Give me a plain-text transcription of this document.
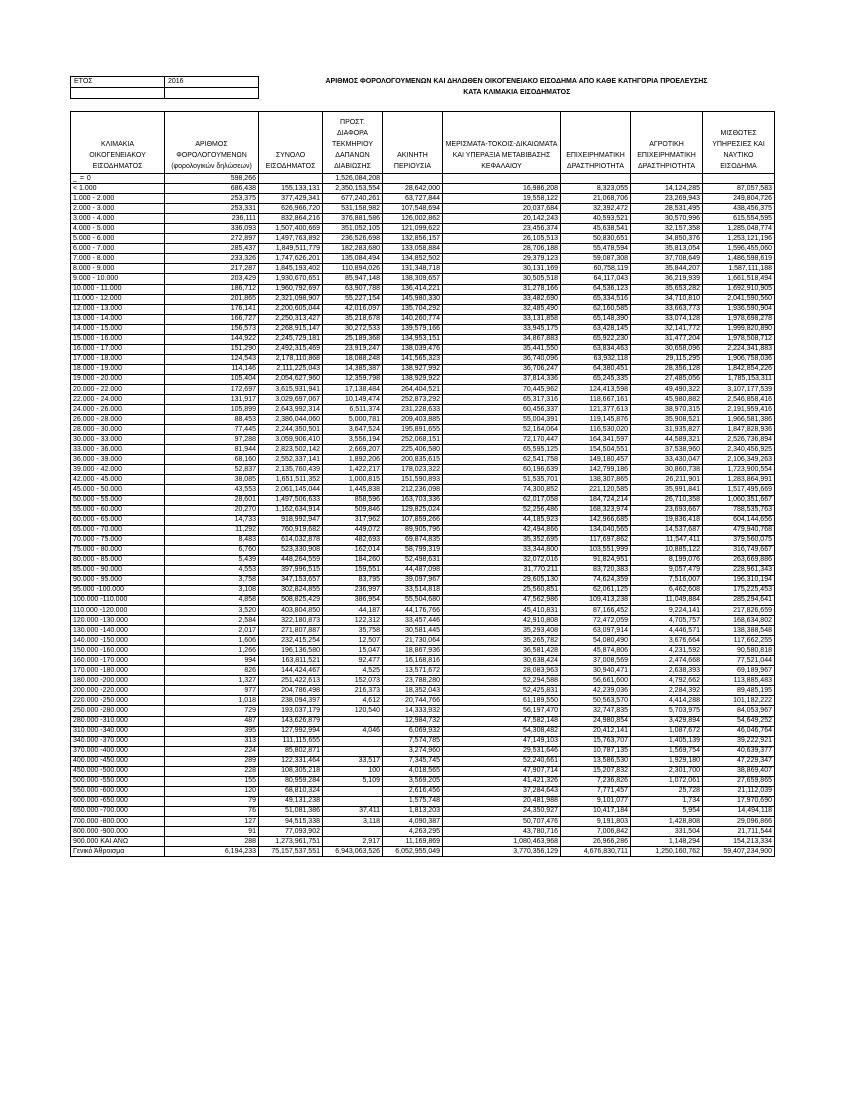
ΕΤΟΣ	2016	ΑΡΙΘΜΟΣ ΦΟΡΟΛΟΓΟΥΜΕΝΩΝ ΚΑΙ ΔΗΛΩΘΕΝ ΟΙΚΟΓΕΝΕΙΑΚΟ ΕΙΣΟΔΗΜΑ ΑΠΟ ΚΑΘΕ ΚΑΤΗΓΟΡΙΑ ΠΡΟΕΛΕΥΣΗΣ
		ΚΑΤΑ ΚΛΙΜΑΚΙΑ ΕΙΣΟΔΗΜΑΤΟΣ
ΚΛΙΜΑΚΙΑ ΟΙΚΟΓΕΝΕΙΑΚΟΥ ΕΙΣΟΔΗΜΑΤΟΣ	ΑΡΙΘΜΟΣ ΦΟΡΟΛΟΓΟΥΜΕΝΩΝ (φορολογικών δηλώσεων)	ΣΥΝΟΛΟ ΕΙΣΟΔΗΜΑΤΟΣ	ΠΡΟΣΤ. ΔΙΑΦΟΡΑ ΤΕΚΜΗΡΙΟΥ ΔΑΠΑΝΩΝ ΔΙΑΒΙΩΣΗΣ	ΑΚΙΝΗΤΗ ΠΕΡΙΟΥΣΙΑ	ΜΕΡΙΣΜΑΤΑ-ΤΟΚΟΙΣ-ΔΙΚΑΙΩΜΑΤΑ ΚΑΙ ΥΠΕΡΑΞΙΑ ΜΕΤΑΒΙΒΑΣΗΣ ΚΕΦΑΛΑΙΟΥ	ΕΠΙΧΕΙΡΗΜΑΤΙΚΗ ΔΡΑΣΤΗΡΙΟΤΗΤΑ	ΑΓΡΟΤΙΚΗ ΕΠΙΧΕΙΡΗΜΑΤΙΚΗ ΔΡΑΣΤΗΡΙΟΤΗΤΑ	ΜΙΣΘΩΤΕΣ ΥΠΗΡΕΣΙΕΣ ΚΑΙ ΝΑΥΤΙΚΟ ΕΙΣΟΔΗΜΑ
_ = 0	598,266		1,526,084,208					
< 1.000	686,438	155,133,131	2,350,153,554	28,642,000	16,986,208	8,323,055	14,124,285	87,057,583
1.000 - 2.000	253,375	377,429,341	677,240,261	63,727,844	19,558,122	21,068,706	23,269,943	249,804,726
2.000 - 3.000	253,331	626,966,720	531,158,982	107,548,694	20,037,684	32,392,472	28,531,495	438,456,375
3.000 - 4.000	236,111	832,864,216	376,881,586	126,002,862	20,142,243	40,593,521	30,570,996	615,554,595
4.000 - 5.000	336,093	1,507,400,669	351,052,105	121,099,622	23,456,374	45,638,541	32,157,358	1,285,048,774
5.000 - 6.000	272,897	1,497,763,892	236,526,698	132,856,157	26,105,513	50,830,651	34,850,376	1,253,121,196
6.000 - 7.000	285,437	1,849,511,779	182,283,680	133,058,884	28,706,188	55,478,594	35,813,054	1,596,455,060
7.000 - 8.000	233,326	1,747,626,201	135,084,494	134,852,502	29,379,123	59,087,308	37,708,649	1,486,598,619
8.000 - 9.000	217,287	1,845,193,402	110,894,026	131,348,718	30,131,169	60,758,119	35,844,207	1,587,111,188
9.000 - 10.000	203,429	1,930,670,651	85,947,148	138,309,657	30,505,518	64,117,043	36,219,939	1,661,518,494
10.000 - 11.000	186,712	1,960,792,697	63,907,788	136,414,221	31,278,166	64,536,123	35,653,282	1,692,910,905
11.000 - 12.000	201,865	2,321,098,907	55,227,154	145,980,330	33,482,690	65,334,516	34,710,810	2,041,590,560
12.000 - 13.000	176,141	2,200,605,044	42,016,097	135,704,292	32,485,490	62,160,585	33,663,773	1,936,590,904
13.000 - 14.000	166,727	2,250,313,427	35,218,678	140,260,774	33,131,858	65,148,390	33,074,128	1,978,698,278
14.000 - 15.000	156,573	2,268,915,147	30,272,533	139,579,166	33,945,175	63,428,145	32,141,772	1,999,820,890
15.000 - 16.000	144,922	2,245,729,181	25,189,368	134,953,151	34,867,883	65,922,230	31,477,204	1,978,508,712
16.000 - 17.000	151,290	2,492,315,469	23,919,247	138,039,476	35,441,550	63,834,463	30,658,096	2,224,341,883
17.000 - 18.000	124,543	2,178,110,868	18,088,248	141,565,323	36,740,096	63,932,118	29,115,295	1,906,758,036
18.000 - 19.000	114,146	2,111,225,043	14,385,387	138,927,992	36,706,247	64,380,451	28,356,128	1,842,854,226
19.000 - 20.000	105,404	2,054,627,960	12,359,798	138,929,922	37,814,336	65,245,335	27,485,056	1,785,153,311
20.000 - 22.000	172,697	3,615,931,941	17,138,484	264,404,521	70,445,962	124,413,598	49,490,322	3,107,177,539
22.000 - 24.000	131,917	3,029,697,067	10,149,474	252,873,292	65,317,316	118,667,161	45,980,882	2,546,858,416
24.000 - 26.000	105,899	2,643,992,314	6,511,374	231,228,633	60,456,337	121,377,613	38,970,315	2,191,959,416
26.000 - 28.000	88,453	2,386,044,060	5,000,781	209,403,885	55,004,391	119,145,876	35,908,521	1,966,581,386
28.000 - 30.000	77,445	2,244,350,501	3,647,524	195,891,655	52,164,064	116,530,020	31,935,827	1,847,828,936
30.000 - 33.000	97,288	3,059,906,410	3,556,194	252,068,151	72,170,447	164,341,597	44,589,321	2,526,736,894
33.000 - 36.000	81,944	2,823,502,142	2,669,207	225,406,580	65,595,125	154,504,551	37,538,960	2,340,456,925
36.000 - 39.000	68,160	2,552,337,141	1,892,206	200,835,615	62,541,758	149,180,457	33,430,047	2,106,349,263
39.000 - 42.000	52,837	2,135,760,439	1,422,217	178,023,322	60,196,639	142,799,186	30,860,738	1,723,900,554
42.000 - 45.000	38,085	1,651,511,352	1,000,815	151,590,893	51,535,701	138,307,865	26,211,901	1,283,864,991
45.000 - 50.000	43,553	2,061,145,044	1,445,838	212,236,098	74,300,852	221,120,585	35,991,841	1,517,495,669
50.000 - 55.000	28,601	1,497,506,633	858,596	163,703,336	62,017,058	184,724,214	26,710,358	1,060,351,667
55.000 - 60.000	20,270	1,162,634,914	509,846	129,825,024	52,256,486	168,323,974	23,693,667	788,535,763
60.000 - 65.000	14,733	918,992,947	317,962	107,859,266	44,185,923	142,966,685	19,836,418	604,144,656
65.000 - 70.000	11,292	760,919,682	449,072	89,905,796	42,494,866	134,040,565	14,537,687	479,940,768
70.000 - 75.000	8,483	614,032,878	482,693	69,874,835	35,352,695	117,697,862	11,547,411	379,560,075
75.000 - 80.000	6,760	523,330,908	162,014	58,799,319	33,344,800	103,551,999	10,885,122	316,749,667
80.000 - 85.000	5,439	448,264,559	184,260	52,498,631	32,072,016	91,824,951	8,199,076	263,669,886
85.000 - 90.000	4,553	397,996,515	159,551	44,487,098	31,770,211	83,720,383	9,057,479	228,961,343
90.000 - 95.000	3,758	347,153,657	83,795	39,097,967	29,605,130	74,624,359	7,516,007	196,310,194
95.000 -100.000	3,108	302,824,855	236,997	33,514,818	25,560,851	62,061,125	6,462,608	175,225,453
100.000 -110.000	4,858	508,825,429	386,954	55,504,680	47,562,986	109,413,238	11,049,884	285,294,641
110.000 -120.000	3,520	403,804,850	44,187	44,176,766	45,410,831	87,166,452	9,224,141	217,826,659
120.000 -130.000	2,584	322,180,873	122,312	33,457,446	42,910,808	72,472,059	4,705,757	168,634,802
130.000 -140.000	2,017	271,807,887	35,758	30,581,445	35,293,408	63,097,914	4,446,571	138,388,548
140.000 -150.000	1,606	232,415,254	12,507	21,730,064	35,265,782	54,080,490	3,676,664	117,662,255
150.000 -160.000	1,266	196,136,580	15,047	18,867,936	36,581,428	45,874,806	4,231,592	90,580,818
160.000 -170.000	994	163,811,521	92,477	16,168,816	30,638,424	37,008,569	2,474,668	77,521,044
170.000 -180.000	826	144,424,467	4,525	13,571,672	28,083,963	30,940,471	2,638,393	69,189,967
180.000 -200.000	1,327	251,422,613	152,073	23,788,280	52,294,588	56,661,600	4,792,662	113,885,483
200.000 -220.000	977	204,786,498	216,373	18,352,043	52,425,831	42,239,036	2,284,392	89,485,195
220.000 -250.000	1,018	238,094,397	4,612	20,744,766	61,189,550	50,563,570	4,414,288	101,182,222
250.000 -280.000	729	193,037,179	120,540	14,333,932	56,197,470	32,747,835	5,703,975	84,053,967
280.000 -310.000	487	143,626,879		12,984,732	47,582,148	24,980,854	3,429,894	54,649,252
310.000 -340.000	395	127,992,994	4,046	6,069,932	54,308,482	20,412,141	1,087,672	46,046,764
340.000 -370.000	313	111,115,655		7,574,785	47,149,103	15,763,707	1,405,139	39,222,921
370.000 -400.000	224	85,802,871		3,274,960	29,531,646	10,787,135	1,569,754	40,639,377
400.000 -450.000	289	122,331,464	33,517	7,345,745	52,240,661	13,586,530	1,929,180	47,229,347
450.000 -500.000	228	108,305,218	100	4,018,565	47,907,714	15,207,832	2,301,700	38,869,407
500.000 -550.000	155	80,959,284	5,109	3,569,205	41,421,326	7,236,826	1,072,061	27,659,865
550.000 -600.000	120	68,810,324		2,616,456	37,284,643	7,771,457	25,728	21,112,039
600.000 -650.000	79	49,131,238		1,575,748	20,481,988	9,101,077	1,734	17,970,690
650.000 -700.000	76	51,081,386	37,411	1,813,203	24,350,927	10,417,184	5,954	14,494,118
700.000 -800.000	127	94,515,338	3,118	4,090,387	50,707,476	9,191,803	1,428,808	29,096,866
800.000 -900.000	91	77,093,902		4,263,295	43,780,716	7,006,842	331,504	21,711,544
900.000 ΚΑΙ ΑΝΩ	288	1,273,961,751	2,917	11,169,869	1,080,463,968	26,966,286	1,148,294	154,213,334
Γενικό Άθροισμα	6,194,233	75,157,537,551	6,943,063,526	6,052,955,049	3,770,356,129	4,676,830,711	1,250,160,762	59,407,234,900
